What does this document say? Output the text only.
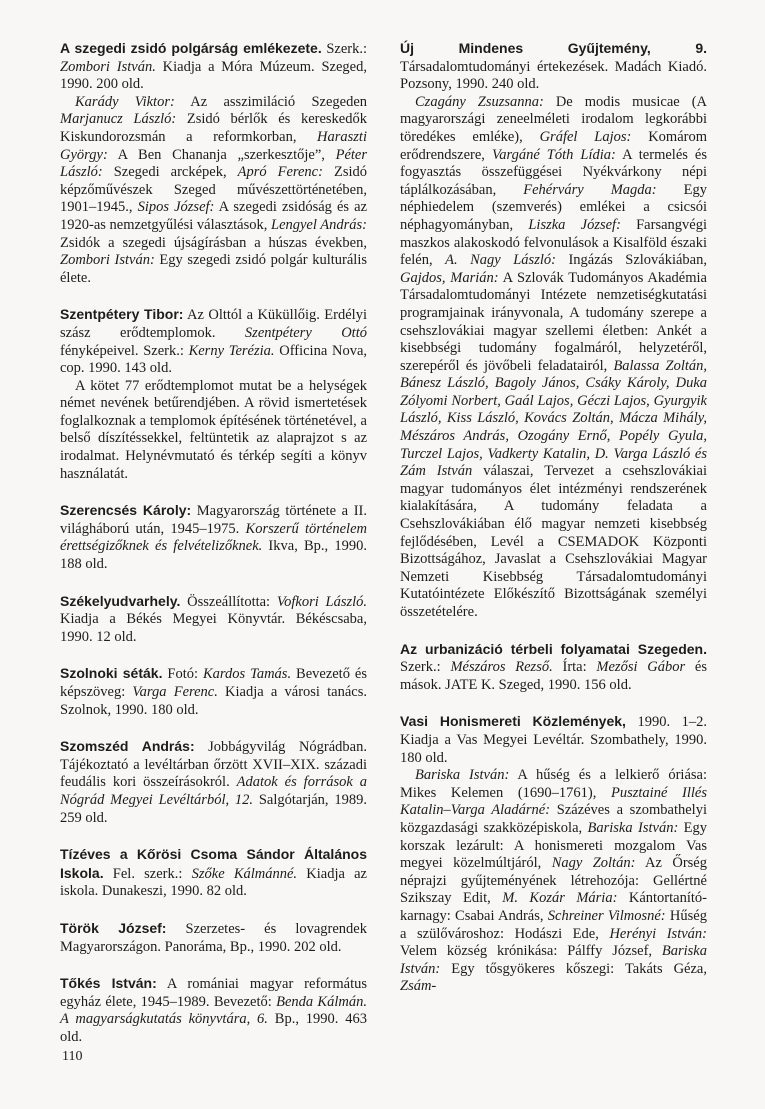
A szegedi zsidó polgárság emlékezete. Szerk.: Zombori István. Kiadja a Móra Múzeum. Szeged, 1990. 200 old.

Karády Viktor: Az asszimiláció Szegeden Marjanucz László: Zsidó bérlők és kereskedők Kiskundorozsmán a reformkorban, Haraszti György: A Ben Chananja „szerkesztője”, Péter László: Szegedi arcképek, Apró Ferenc: Zsidó képzőművészek Szeged művészettörténetében, 1901–1945., Sipos József: A szegedi zsidóság és az 1920-as nemzetgyűlési választások, Lengyel András: Zsidók a szegedi újságírásban a húszas években, Zombori István: Egy szegedi zsidó polgár kulturális élete.

Szentpétery Tibor: Az Olttól a Küküllőig. Erdélyi szász erődtemplomok. Szentpétery Ottó fényképeivel. Szerk.: Kerny Terézia. Officina Nova, cop. 1990. 143 old.

A kötet 77 erődtemplomot mutat be a helységek német nevének betűrendjében. A rövid ismertetések foglalkoznak a templomok építésének történetével, a belső díszítéssekkel, feltüntetik az alaprajzot s az irodalmat. Helynévmutató és térkép segíti a könyv használatát.

Szerencsés Károly: Magyarország története a II. világháború után, 1945–1975. Korszerű történelem érettségizőknek és felvételizőknek. Ikva, Bp., 1990. 188 old.

Székelyudvarhely. Összeállította: Vofkori László. Kiadja a Békés Megyei Könyvtár. Békéscsaba, 1990. 12 old.

Szolnoki séták. Fotó: Kardos Tamás. Bevezető és képszöveg: Varga Ferenc. Kiadja a városi tanács. Szolnok, 1990. 180 old.

Szomszéd András: Jobbágyvilág Nógrádban. Tájékoztató a levéltárban őrzött XVII–XIX. századi feudális kori összeírásokról. Adatok és források a Nógrád Megyei Levéltárból, 12. Salgótarján, 1989. 259 old.

Tízéves a Kőrösi Csoma Sándor Általános Iskola. Fel. szerk.: Szőke Kálmánné. Kiadja az iskola. Dunakeszi, 1990. 82 old.

Török József: Szerzetes- és lovagrendek Magyarországon. Panoráma, Bp., 1990. 202 old.

Tőkés István: A romániai magyar református egyház élete, 1945–1989. Bevezető: Benda Kálmán. A magyarságkutatás könyvtára, 6. Bp., 1990. 463 old.

Új Mindenes Gyűjtemény, 9. Társadalomtudományi értekezések. Madách Kiadó. Pozsony, 1990. 240 old.

Czagány Zsuzsanna: De modis musicae (A magyarországi zeneelméleti irodalom legkorábbi töredékes emléke), Gráfel Lajos: Komárom erődrendszere, Vargáné Tóth Lídia: A termelés és fogyasztás összefüggései Nyékvárkony népi táplálkozásában, Fehérváry Magda: Egy néphiedelem (szemverés) emlékei a csicsói néphagyományban, Liszka József: Farsangvégi maszkos alakoskodó felvonulások a Kisalföld északi felén, A. Nagy László: Ingázás Szlovákiában, Gajdos, Marián: A Szlovák Tudományos Akadémia Társadalomtudományi Intézete nemzetiségkutatási programjainak irányvonala, A tudomány szerepe a csehszlovákiai magyar szellemi életben: Ankét a kisebbségi tudomány fogalmáról, helyzetéről, szerepéről és jövőbeli feladatairól, Balassa Zoltán, Bánesz László, Bagoly János, Csáky Károly, Duka Zólyomi Norbert, Gaál Lajos, Géczi Lajos, Gyurgyik László, Kiss László, Kovács Zoltán, Mácza Mihály, Mészáros András, Ozogány Ernő, Popély Gyula, Turczel Lajos, Vadkerty Katalin, D. Varga László és Zám István válaszai, Tervezet a csehszlovákiai magyar tudományos élet intézményi rendszerének kialakítására, A tudomány feladata a Csehszlovákiában élő magyar nemzeti kisebbség fejlődésében, Levél a CSEMADOK Központi Bizottságához, Javaslat a Csehszlovákiai Magyar Nemzeti Kisebbség Társadalomtudományi Kutatóintézete Előkészítő Bizottságának személyi összetételére.

Az urbanizáció térbeli folyamatai Szegeden. Szerk.: Mészáros Rezső. Írta: Mezősi Gábor és mások. JATE K. Szeged, 1990. 156 old.

Vasi Honismereti Közlemények, 1990. 1–2. Kiadja a Vas Megyei Levéltár. Szombathely, 1990. 180 old.

Bariska István: A hűség és a lelkierő óriása: Mikes Kelemen (1690–1761), Pusztainé Illés Katalin–Varga Aladárné: Százéves a szombathelyi közgazdasági szakközépiskola, Bariska István: Egy korszak lezárult: A honismereti mozgalom Vas megyei közelmúltjáról, Nagy Zoltán: Az Őrség néprajzi gyűjteményének létrehozója: Gellértné Szikszay Edit, M. Kozár Mária: Kántortanító-karnagy: Csabai András, Schreiner Vilmosné: Hűség a szülővároshoz: Hodászi Ede, Herényi István: Velem község krónikása: Pálffy József, Bariska István: Egy tősgyökeres kőszegi: Takáts Géza, Zsám-

110
